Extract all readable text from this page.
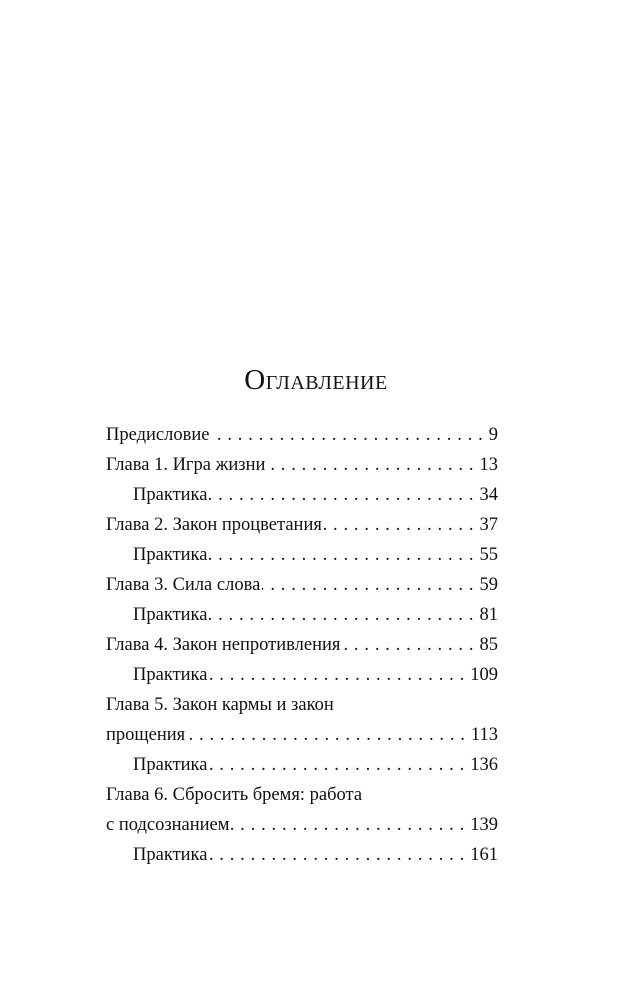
Оглавление
Предисловие . . .	9
Глава 1. Игра жизни . . .	13
Практика . . .	34
Глава 2. Закон процветания . . .	37
Практика . . .	55
Глава 3. Сила слова . . .	59
Практика . . .	81
Глава 4. Закон непротивления . . .	85
Практика . . .	109
Глава 5. Закон кармы и закон
прощения . . .	113
Практика . . .	136
Глава 6. Сбросить бремя: работа
с подсознанием . . .	139
Практика . . .	161
